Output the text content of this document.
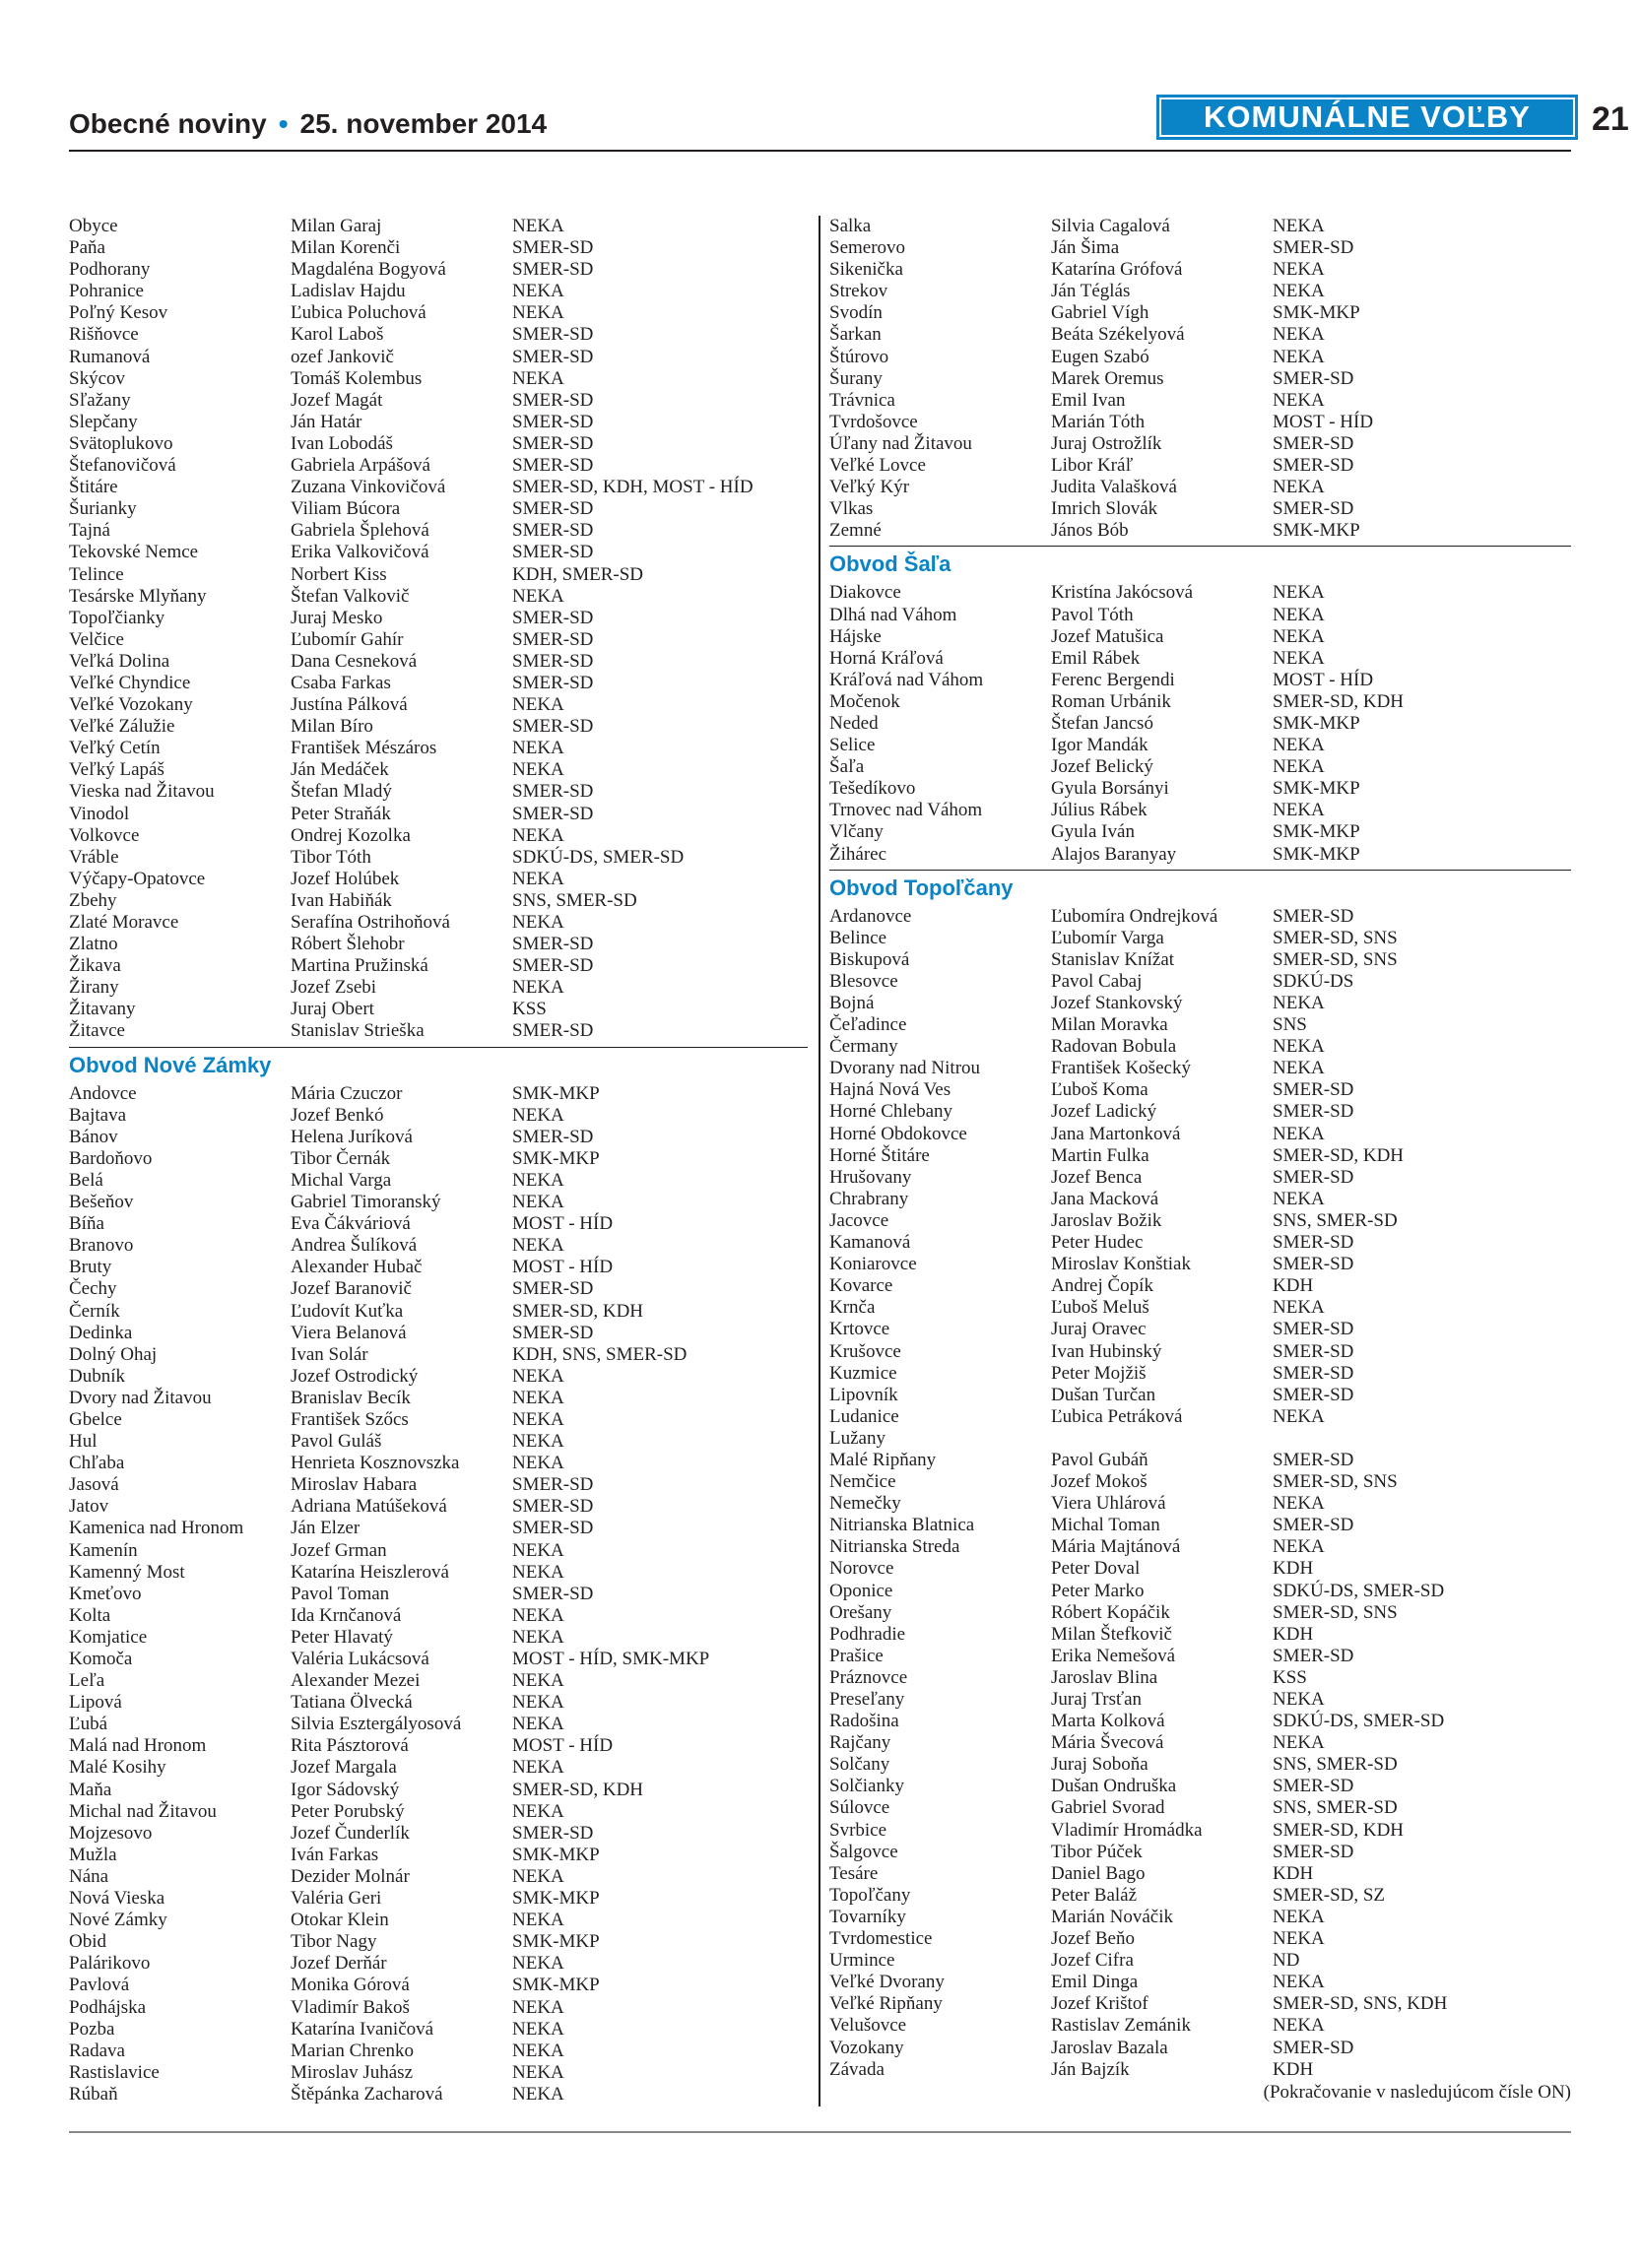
Obecné noviny • 25. november 2014	KOMUNÁLNE VOĽBY	21
Obyce	Milan Garaj	NEKA
Paňa	Milan Korenči	SMER-SD
Podhorany	Magdaléna Bogyová	SMER-SD
Pohranice	Ladislav Hajdu	NEKA
Poľný Kesov	Ľubica Poluchová	NEKA
Rišňovce	Karol Laboš	SMER-SD
Rumanová	ozef Jankovič	SMER-SD
Skýcov	Tomáš Kolembus	NEKA
Sľažany	Jozef Magát	SMER-SD
Slepčany	Ján Határ	SMER-SD
Svätoplukovo	Ivan Lobodáš	SMER-SD
Štefanovičová	Gabriela Arpášová	SMER-SD
Štitáre	Zuzana Vinkovičová	SMER-SD, KDH, MOST - HÍD
Šurianky	Viliam Búcora	SMER-SD
Tajná	Gabriela Šplehová	SMER-SD
Tekovské Nemce	Erika Valkovičová	SMER-SD
Telince	Norbert Kiss	KDH, SMER-SD
Tesárske Mlyňany	Štefan Valkovič	NEKA
Topoľčianky	Juraj Mesko	SMER-SD
Velčice	Ľubomír Gahír	SMER-SD
Veľká Dolina	Dana Cesneková	SMER-SD
Veľké Chyndice	Csaba Farkas	SMER-SD
Veľké Vozokany	Justína Pálková	NEKA
Veľké Zálužie	Milan Bíro	SMER-SD
Veľký Cetín	František Mészáros	NEKA
Veľký Lapáš	Ján Medáček	NEKA
Vieska nad Žitavou	Štefan Mladý	SMER-SD
Vinodol	Peter Straňák	SMER-SD
Volkovce	Ondrej Kozolka	NEKA
Vráble	Tibor Tóth	SDKÚ-DS, SMER-SD
Výčapy-Opatovce	Jozef Holúbek	NEKA
Zbehy	Ivan Habiňák	SNS, SMER-SD
Zlaté Moravce	Serafína Ostrihoňová	NEKA
Zlatno	Róbert Šlehobr	SMER-SD
Žikava	Martina Pružinská	SMER-SD
Žirany	Jozef Zsebi	NEKA
Žitavany	Juraj Obert	KSS
Žitavce	Stanislav Strieška	SMER-SD
Obvod Nové Zámky
Andovce	Mária Czuczor	SMK-MKP
Bajtava	Jozef Benkó	NEKA
Bánov	Helena Juríková	SMER-SD
Bardoňovo	Tibor Černák	SMK-MKP
Belá	Michal Varga	NEKA
Bešeňov	Gabriel Timoranský	NEKA
Bíňa	Eva Čákváriová	MOST - HÍD
Branovo	Andrea Šulíková	NEKA
Bruty	Alexander Hubač	MOST - HÍD
Čechy	Jozef Baranovič	SMER-SD
Černík	Ľudovít Kuťka	SMER-SD, KDH
Dedinka	Viera Belanová	SMER-SD
Dolný Ohaj	Ivan Solár	KDH, SNS, SMER-SD
Dubník	Jozef Ostrodický	NEKA
Dvory nad Žitavou	Branislav Becík	NEKA
Gbelce	František Szőcs	NEKA
Hul	Pavol Guláš	NEKA
Chľaba	Henrieta Kosznovszka	NEKA
Jasová	Miroslav Habara	SMER-SD
Jatov	Adriana Matúšeková	SMER-SD
Kamenica nad Hronom	Ján Elzer	SMER-SD
Kamenín	Jozef Grman	NEKA
Kamenný Most	Katarína Heiszlerová	NEKA
Kmeťovo	Pavol Toman	SMER-SD
Kolta	Ida Krnčanová	NEKA
Komjatice	Peter Hlavatý	NEKA
Komoča	Valéria Lukácsová	MOST - HÍD, SMK-MKP
Leľa	Alexander Mezei	NEKA
Lipová	Tatiana Ölvecká	NEKA
Ľubá	Silvia Esztergályosová	NEKA
Malá nad Hronom	Rita Pásztorová	MOST - HÍD
Malé Kosihy	Jozef Margala	NEKA
Maňa	Igor Sádovský	SMER-SD, KDH
Michal nad Žitavou	Peter Porubský	NEKA
Mojzesovo	Jozef Čunderlík	SMER-SD
Mužla	Iván Farkas	SMK-MKP
Nána	Dezider Molnár	NEKA
Nová Vieska	Valéria Geri	SMK-MKP
Nové Zámky	Otokar Klein	NEKA
Obid	Tibor Nagy	SMK-MKP
Palárikovo	Jozef Derňár	NEKA
Pavlová	Monika Górová	SMK-MKP
Podhájska	Vladimír Bakoš	NEKA
Pozba	Katarína Ivaničová	NEKA
Radava	Marian Chrenko	NEKA
Rastislavice	Miroslav Juhász	NEKA
Rúbaň	Štěpánka Zacharová	NEKA
Salka	Silvia Cagalová	NEKA
Semerovo	Ján Šima	SMER-SD
Sikenička	Katarína Grófová	NEKA
Strekov	Ján Téglás	NEKA
Svodín	Gabriel Vígh	SMK-MKP
Šarkan	Beáta Székelyová	NEKA
Štúrovo	Eugen Szabó	NEKA
Šurany	Marek Oremus	SMER-SD
Trávnica	Emil Ivan	NEKA
Tvrdošovce	Marián Tóth	MOST - HÍD
Úľany nad Žitavou	Juraj Ostrožlík	SMER-SD
Veľké Lovce	Libor Kráľ	SMER-SD
Veľký Kýr	Judita Valašková	NEKA
Vlkas	Imrich Slovák	SMER-SD
Zemné	János Bób	SMK-MKP
Obvod Šaľa
Diakovce	Kristína Jakócsová	NEKA
Dlhá nad Váhom	Pavol Tóth	NEKA
Hájske	Jozef Matušica	NEKA
Horná Kráľová	Emil Rábek	NEKA
Kráľová nad Váhom	Ferenc Bergendi	MOST - HÍD
Močenok	Roman Urbánik	SMER-SD, KDH
Neded	Štefan Jancsó	SMK-MKP
Selice	Igor Mandák	NEKA
Šaľa	Jozef Belický	NEKA
Tešedíkovo	Gyula Borsányi	SMK-MKP
Trnovec nad Váhom	Július Rábek	NEKA
Vlčany	Gyula Iván	SMK-MKP
Žihárec	Alajos Baranyay	SMK-MKP
Obvod Topoľčany
Ardanovce	Ľubomíra Ondrejková	SMER-SD
Belince	Ľubomír Varga	SMER-SD, SNS
Biskupová	Stanislav Knížat	SMER-SD, SNS
Blesovce	Pavol Cabaj	SDKÚ-DS
Bojná	Jozef Stankovský	NEKA
Čeľadince	Milan Moravka	SNS
Čermany	Radovan Bobula	NEKA
Dvorany nad Nitrou	František Košecký	NEKA
Hajná Nová Ves	Ľuboš Koma	SMER-SD
Horné Chlebany	Jozef Ladický	SMER-SD
Horné Obdokovce	Jana Martonková	NEKA
Horné Štitáre	Martin Fulka	SMER-SD, KDH
Hrušovany	Jozef Benca	SMER-SD
Chrabrany	Jana Macková	NEKA
Jacovce	Jaroslav Božik	SNS, SMER-SD
Kamanová	Peter Hudec	SMER-SD
Koniarovce	Miroslav Konštiak	SMER-SD
Kovarce	Andrej Čopík	KDH
Krnča	Ľuboš Meluš	NEKA
Krtovce	Juraj Oravec	SMER-SD
Krušovce	Ivan Hubinský	SMER-SD
Kuzmice	Peter Mojžiš	SMER-SD
Lipovník	Dušan Turčan	SMER-SD
Ludanice	Ľubica Petráková	NEKA
Lužany
Malé Ripňany	Pavol Gubáň	SMER-SD
Nemčice	Jozef Mokoš	SMER-SD, SNS
Nemečky	Viera Uhlárová	NEKA
Nitrianska Blatnica	Michal Toman	SMER-SD
Nitrianska Streda	Mária Majtánová	NEKA
Norovce	Peter Doval	KDH
Oponice	Peter Marko	SDKÚ-DS, SMER-SD
Orešany	Róbert Kopáčik	SMER-SD, SNS
Podhradie	Milan Štefkovič	KDH
Prašice	Erika Nemešová	SMER-SD
Práznovce	Jaroslav Blina	KSS
Preseľany	Juraj Trsťan	NEKA
Radošina	Marta Kolková	SDKÚ-DS, SMER-SD
Rajčany	Mária Švecová	NEKA
Solčany	Juraj Soboňa	SNS, SMER-SD
Solčianky	Dušan Ondruška	SMER-SD
Súlovce	Gabriel Svorad	SNS, SMER-SD
Svrbice	Vladimír Hromádka	SMER-SD, KDH
Šalgovce	Tibor Púček	SMER-SD
Tesáre	Daniel Bago	KDH
Topoľčany	Peter Baláž	SMER-SD, SZ
Tovarníky	Marián Nováčik	NEKA
Tvrdomestice	Jozef Beňo	NEKA
Urmince	Jozef Cifra	ND
Veľké Dvorany	Emil Dinga	NEKA
Veľké Ripňany	Jozef Krištof	SMER-SD, SNS, KDH
Velušovce	Rastislav Zemánik	NEKA
Vozokany	Jaroslav Bazala	SMER-SD
Závada	Ján Bajzík	KDH
(Pokračovanie v nasledujúcom čísle ON)
